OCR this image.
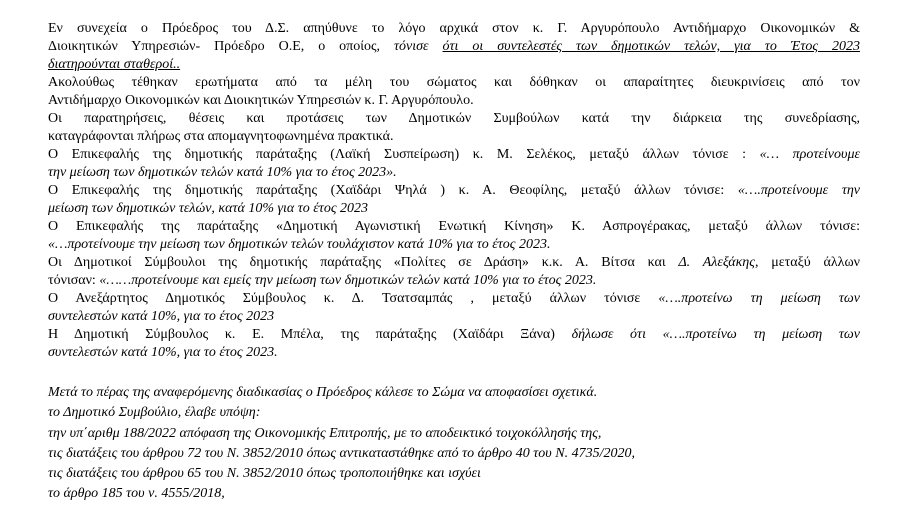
Εν συνεχεία ο Πρόεδρος του Δ.Σ. απηύθυνε το λόγο αρχικά στον κ. Γ. Αργυρόπουλο Αντιδήμαρχο Οικονομικών &
Διοικητικών Υπηρεσιών- Πρόεδρο Ο.Ε, ο οποίος, τόνισε ότι οι συντελεστές των δημοτικών τελών, για το Έτος 2023
διατηρούνται σταθεροί..
Ακολούθως τέθηκαν ερωτήματα από τα μέλη του σώματος και δόθηκαν οι απαραίτητες διευκρινίσεις από τον
Αντιδήμαρχο Οικονομικών και Διοικητικών Υπηρεσιών κ. Γ. Αργυρόπουλο.
Οι παρατηρήσεις, θέσεις και προτάσεις των Δημοτικών Συμβούλων κατά την διάρκεια της συνεδρίασης,
καταγράφονται πλήρως στα απομαγνητοφωνημένα πρακτικά.
Ο Επικεφαλής της δημοτικής παράταξης (Λαϊκή Συσπείρωση) κ. Μ. Σελέκος, μεταξύ άλλων τόνισε : «… προτείνουμε
την μείωση των δημοτικών τελών κατά 10% για το έτος 2023».
Ο Επικεφαλής της δημοτικής παράταξης (Χαϊδάρι Ψηλά ) κ. Α. Θεοφίλης, μεταξύ άλλων τόνισε: «….προτείνουμε την
μείωση των δημοτικών τελών, κατά 10% για το έτος 2023
Ο Επικεφαλής της παράταξης «Δημοτική Αγωνιστική Ενωτική Κίνηση» Κ. Ασπρογέρακας, μεταξύ άλλων τόνισε:
«…προτείνουμε την μείωση των δημοτικών τελών τουλάχιστον κατά 10% για το έτος 2023.
Οι Δημοτικοί Σύμβουλοι της δημοτικής παράταξης «Πολίτες σε Δράση» κ.κ. Α. Βίτσα και Δ. Αλεξάκης, μεταξύ άλλων
τόνισαν: «……προτείνουμε και εμείς την μείωση των δημοτικών τελών κατά 10% για το έτος 2023.
Ο Ανεξάρτητος Δημοτικός Σύμβουλος κ. Δ. Τσατσαμπάς , μεταξύ άλλων τόνισε «….προτείνω τη μείωση των
συντελεστών κατά 10%, για το έτος 2023
Η Δημοτική Σύμβουλος κ. Ε. Μπέλα, της παράταξης (Χαϊδάρι Ξάνα) δήλωσε ότι «….προτείνω τη μείωση των
συντελεστών κατά 10%, για το έτος 2023.
Μετά το πέρας της αναφερόμενης διαδικασίας ο Πρόεδρος κάλεσε το Σώμα να αποφασίσει σχετικά.
το Δημοτικό Συμβούλιο, έλαβε υπόψη:
την υπ΄αριθμ 188/2022 απόφαση της Οικονομικής Επιτροπής, με το αποδεικτικό τοιχοκόλλησής της,
τις διατάξεις του άρθρου 72 του Ν. 3852/2010 όπως αντικαταστάθηκε από το άρθρο 40 του Ν. 4735/2020,
τις διατάξεις του άρθρου 65 του Ν. 3852/2010 όπως τροποποιήθηκε και ισχύει
το άρθρο 185 του ν. 4555/2018,
